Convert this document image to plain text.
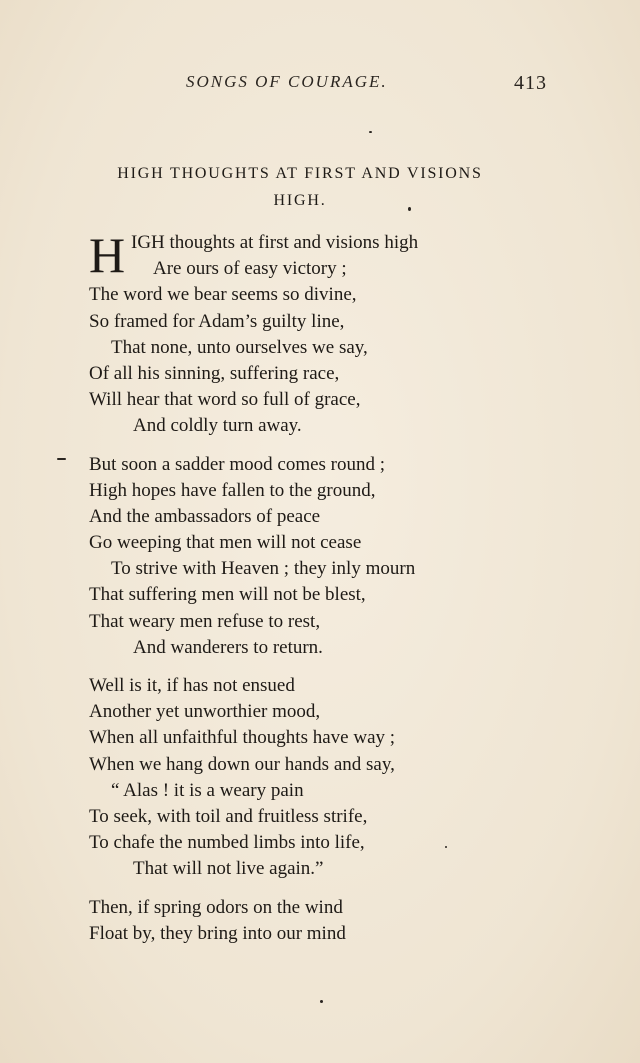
SONGS OF COURAGE.	413
HIGH THOUGHTS AT FIRST AND VISIONS
HIGH.
H IGH thoughts at first and visions high
Are ours of easy victory ;
The word we bear seems so divine,
So framed for Adam’s guilty line,
That none, unto ourselves we say,
Of all his sinning, suffering race,
Will hear that word so full of grace,
And coldly turn away.
But soon a sadder mood comes round ;
High hopes have fallen to the ground,
And the ambassadors of peace
Go weeping that men will not cease
To strive with Heaven ; they inly mourn
That suffering men will not be blest,
That weary men refuse to rest,
And wanderers to return.
Well is it, if has not ensued
Another yet unworthier mood,
When all unfaithful thoughts have way ;
When we hang down our hands and say,
“ Alas ! it is a weary pain
To seek, with toil and fruitless strife,
To chafe the numbed limbs into life,
That will not live again.”
Then, if spring odors on the wind
Float by, they bring into our mind
